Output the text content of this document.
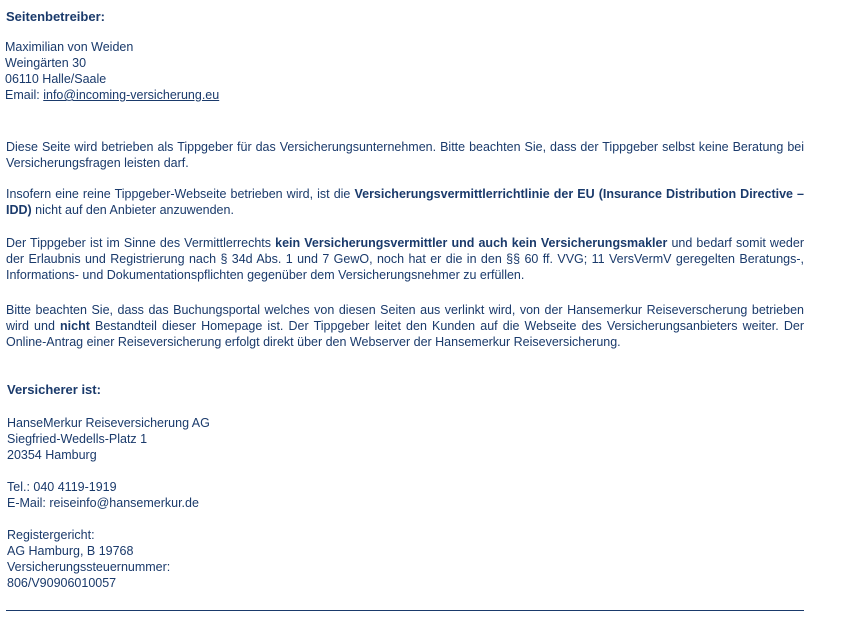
Seitenbetreiber:

Maximilian von Weiden
Weingärten 30
06110 Halle/Saale
Email: info@incoming-versicherung.eu

Diese Seite wird betrieben als Tippgeber für das Versicherungsunternehmen. Bitte beachten Sie, dass der Tippgeber selbst keine Beratung bei Versicherungsfragen leisten darf.

Insofern eine reine Tippgeber-Webseite betrieben wird, ist die Versicherungsvermittlerrichtlinie der EU (Insurance Distribution Directive – IDD) nicht auf den Anbieter anzuwenden.

Der Tippgeber ist im Sinne des Vermittlerrechts kein Versicherungsvermittler und auch kein Versicherungsmakler und bedarf somit weder der Erlaubnis und Registrierung nach § 34d Abs. 1 und 7 GewO, noch hat er die in den §§ 60 ff. VVG; 11 VersVermV geregelten Beratungs-, Informations- und Dokumentationspflichten gegenüber dem Versicherungsnehmer zu erfüllen.

Bitte beachten Sie, dass das Buchungsportal welches von diesen Seiten aus verlinkt wird, von der Hansemerkur Reiseverscherung betrieben wird und nicht Bestandteil dieser Homepage ist. Der Tippgeber leitet den Kunden auf die Webseite des Versicherungsanbieters weiter. Der Online-Antrag einer Reiseversicherung erfolgt direkt über den Webserver der Hansemerkur Reiseversicherung.

Versicherer ist:

HanseMerkur Reiseversicherung AG
Siegfried-Wedells-Platz 1
20354 Hamburg
Tel.: 040 4119-1919
E-Mail: reiseinfo@hansemerkur.de
Registergericht:
AG Hamburg, B 19768
Versicherungssteuernummer:
806/V90906010057
